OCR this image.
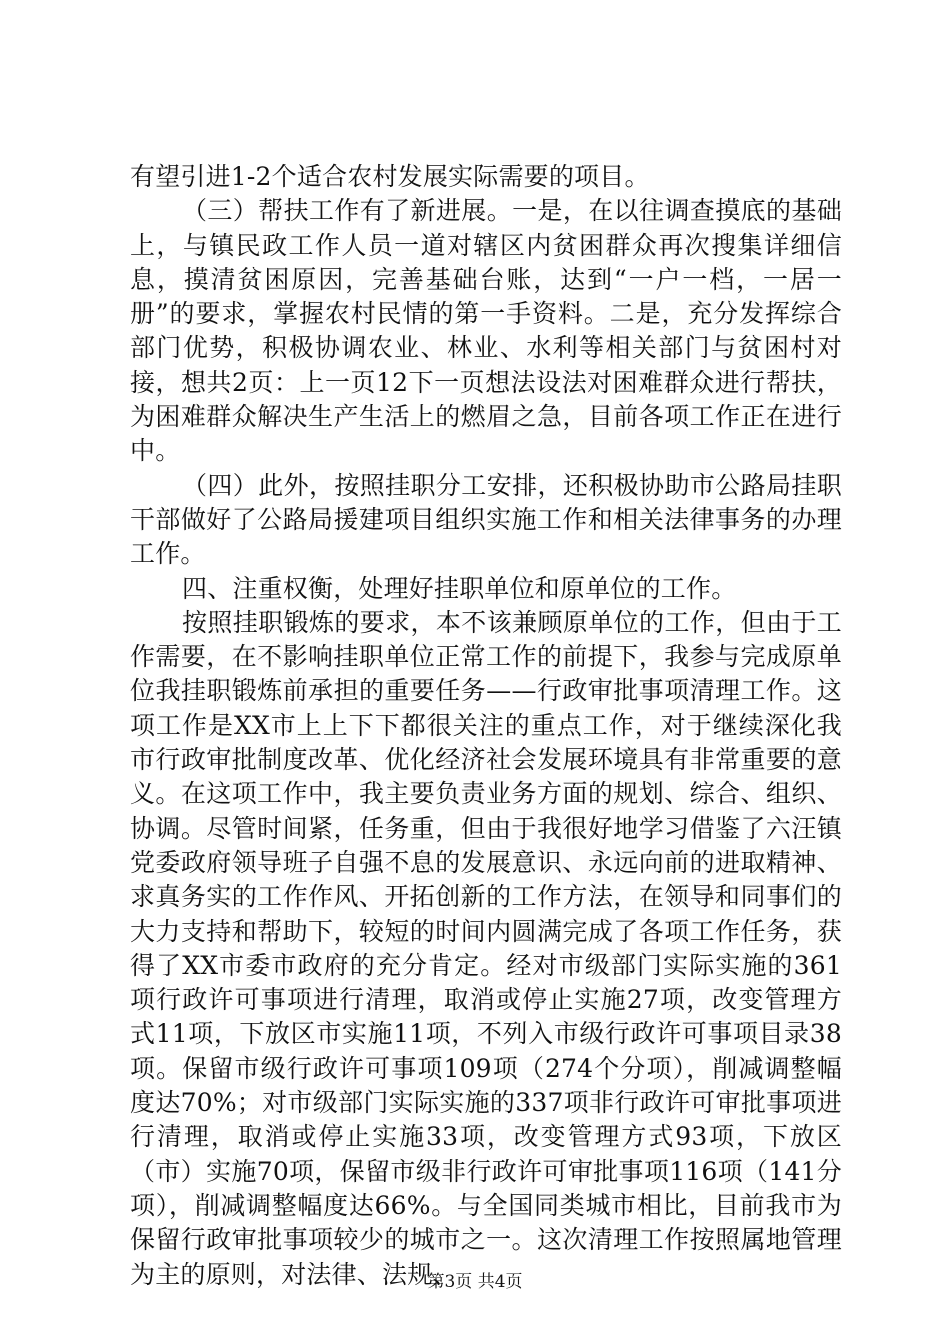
有望引进1-2个适合农村发展实际需要的项目。

（三）帮扶工作有了新进展。一是，在以往调查摸底的基础上，与镇民政工作人员一道对辖区内贫困群众再次搜集详细信息，摸清贫困原因，完善基础台账，达到“一户一档，一居一册”的要求，掌握农村民情的第一手资料。二是，充分发挥综合部门优势，积极协调农业、林业、水利等相关部门与贫困村对接，想共2页：上一页12下一页想法设法对困难群众进行帮扶，为困难群众解决生产生活上的燃眉之急，目前各项工作正在进行中。

（四）此外，按照挂职分工安排，还积极协助市公路局挂职干部做好了公路局援建项目组织实施工作和相关法律事务的办理工作。

四、注重权衡，处理好挂职单位和原单位的工作。

按照挂职锻炼的要求，本不该兼顾原单位的工作，但由于工作需要，在不影响挂职单位正常工作的前提下，我参与完成原单位我挂职锻炼前承担的重要任务——行政审批事项清理工作。这项工作是XX市上上下下都很关注的重点工作，对于继续深化我市行政审批制度改革、优化经济社会发展环境具有非常重要的意义。在这项工作中，我主要负责业务方面的规划、综合、组织、协调。尽管时间紧，任务重，但由于我很好地学习借鉴了六汪镇党委政府领导班子自强不息的发展意识、永远向前的进取精神、求真务实的工作作风、开拓创新的工作方法，在领导和同事们的大力支持和帮助下，较短的时间内圆满完成了各项工作任务，获得了XX市委市政府的充分肯定。经对市级部门实际实施的361项行政许可事项进行清理，取消或停止实施27项，改变管理方式11项，下放区市实施11项，不列入市级行政许可事项目录38项。保留市级行政许可事项109项（274个分项），削减调整幅度达70%；对市级部门实际实施的337项非行政许可审批事项进行清理，取消或停止实施33项，改变管理方式93项，下放区（市）实施70项，保留市级非行政许可审批事项116项（141分项），削减调整幅度达66%。与全国同类城市相比，目前我市为保留行政审批事项较少的城市之一。这次清理工作按照属地管理为主的原则，对法律、法规、

第3页 共4页
